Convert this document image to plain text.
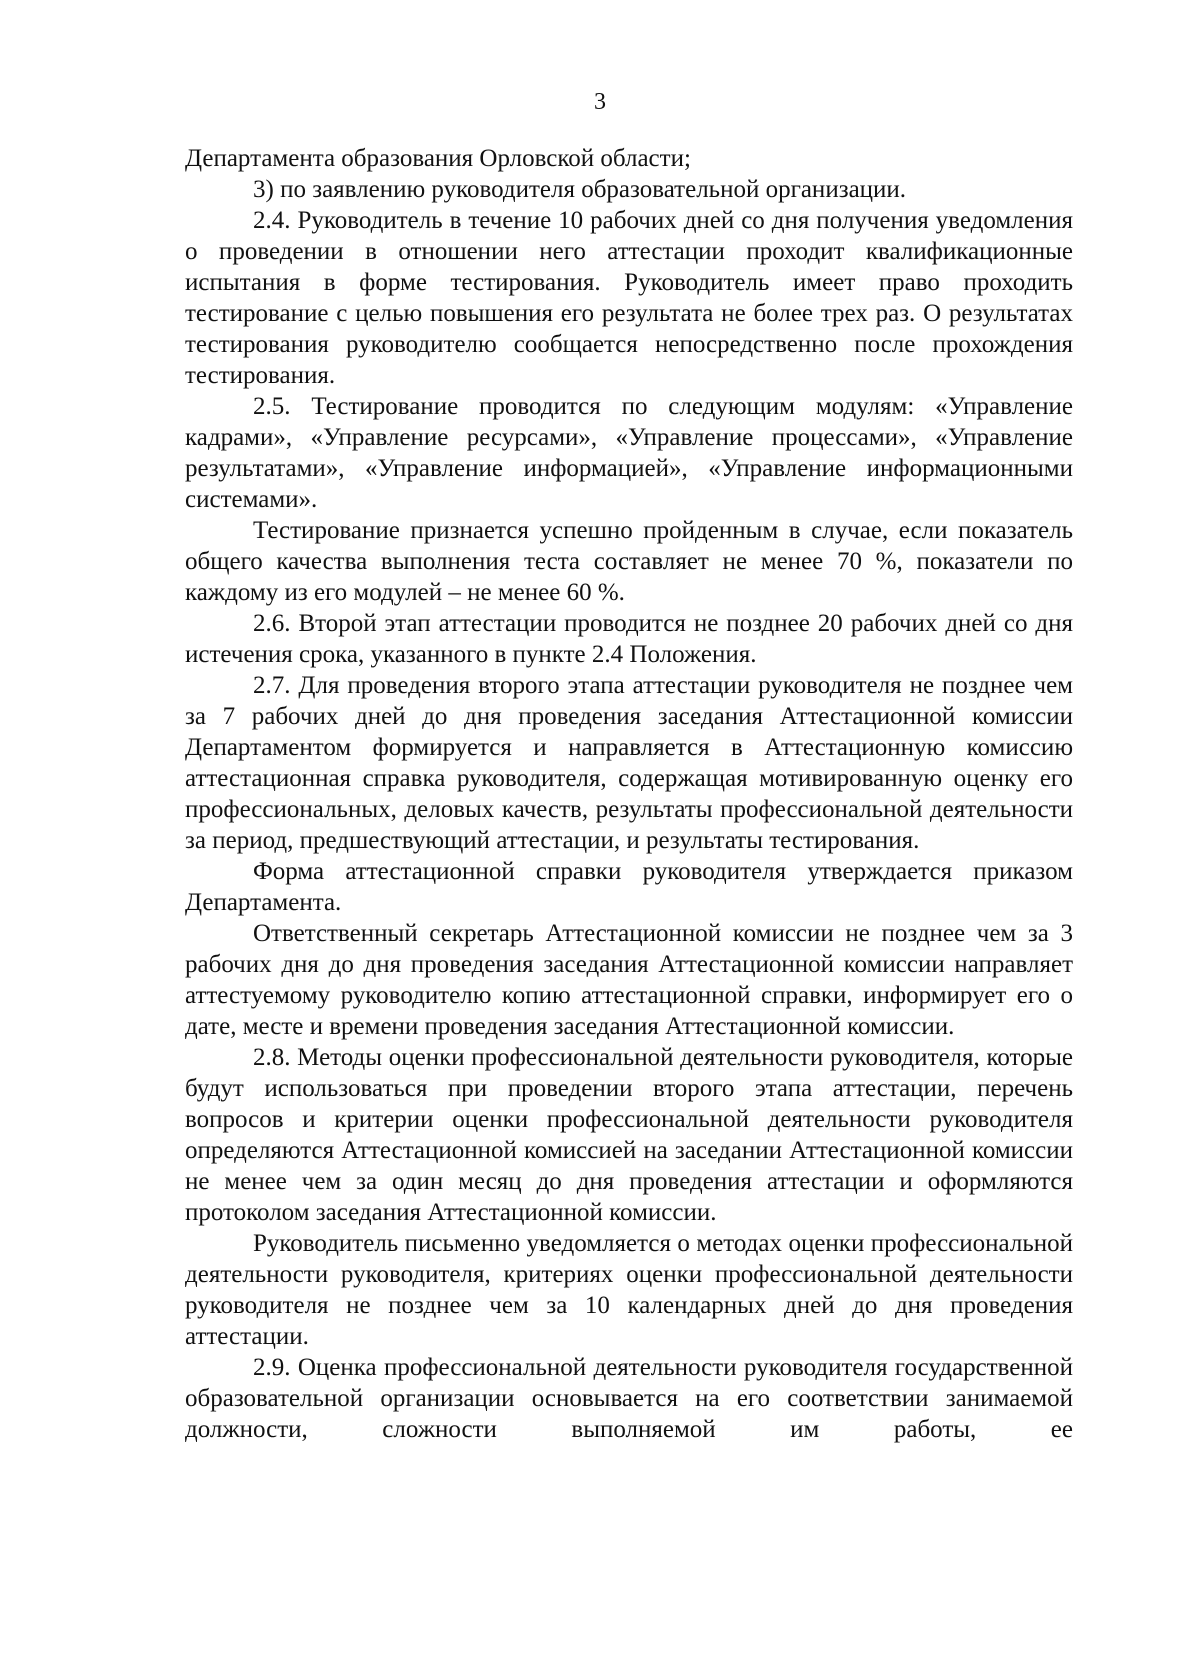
3

Департамента образования Орловской области;

3) по заявлению руководителя образовательной организации.

2.4. Руководитель в течение 10 рабочих дней со дня получения уведомления о проведении в отношении него аттестации проходит квалификационные испытания в форме тестирования. Руководитель имеет право проходить тестирование с целью повышения его результата не более трех раз. О результатах тестирования руководителю сообщается непосредственно после прохождения тестирования.

2.5. Тестирование проводится по следующим модулям: «Управление кадрами», «Управление ресурсами», «Управление процессами», «Управление результатами», «Управление информацией», «Управление информационными системами».

Тестирование признается успешно пройденным в случае, если показатель общего качества выполнения теста составляет не менее 70 %, показатели по каждому из его модулей – не менее 60 %.

2.6. Второй этап аттестации проводится не позднее 20 рабочих дней со дня истечения срока, указанного в пункте 2.4 Положения.

2.7. Для проведения второго этапа аттестации руководителя не позднее чем за 7 рабочих дней до дня проведения заседания Аттестационной комиссии Департаментом формируется и направляется в Аттестационную комиссию аттестационная справка руководителя, содержащая мотивированную оценку его профессиональных, деловых качеств, результаты профессиональной деятельности за период, предшествующий аттестации, и результаты тестирования.

Форма аттестационной справки руководителя утверждается приказом Департамента.

Ответственный секретарь Аттестационной комиссии не позднее чем за 3 рабочих дня до дня проведения заседания Аттестационной комиссии направляет аттестуемому руководителю копию аттестационной справки, информирует его о дате, месте и времени проведения заседания Аттестационной комиссии.

2.8. Методы оценки профессиональной деятельности руководителя, которые будут использоваться при проведении второго этапа аттестации, перечень вопросов и критерии оценки профессиональной деятельности руководителя определяются Аттестационной комиссией на заседании Аттестационной комиссии не менее чем за один месяц до дня проведения аттестации и оформляются протоколом заседания Аттестационной комиссии.

Руководитель письменно уведомляется о методах оценки профессиональной деятельности руководителя, критериях оценки профессиональной деятельности руководителя не позднее чем за 10 календарных дней до дня проведения аттестации.

2.9. Оценка профессиональной деятельности руководителя государственной образовательной организации основывается на его соответствии занимаемой должности, сложности выполняемой им работы, ее
